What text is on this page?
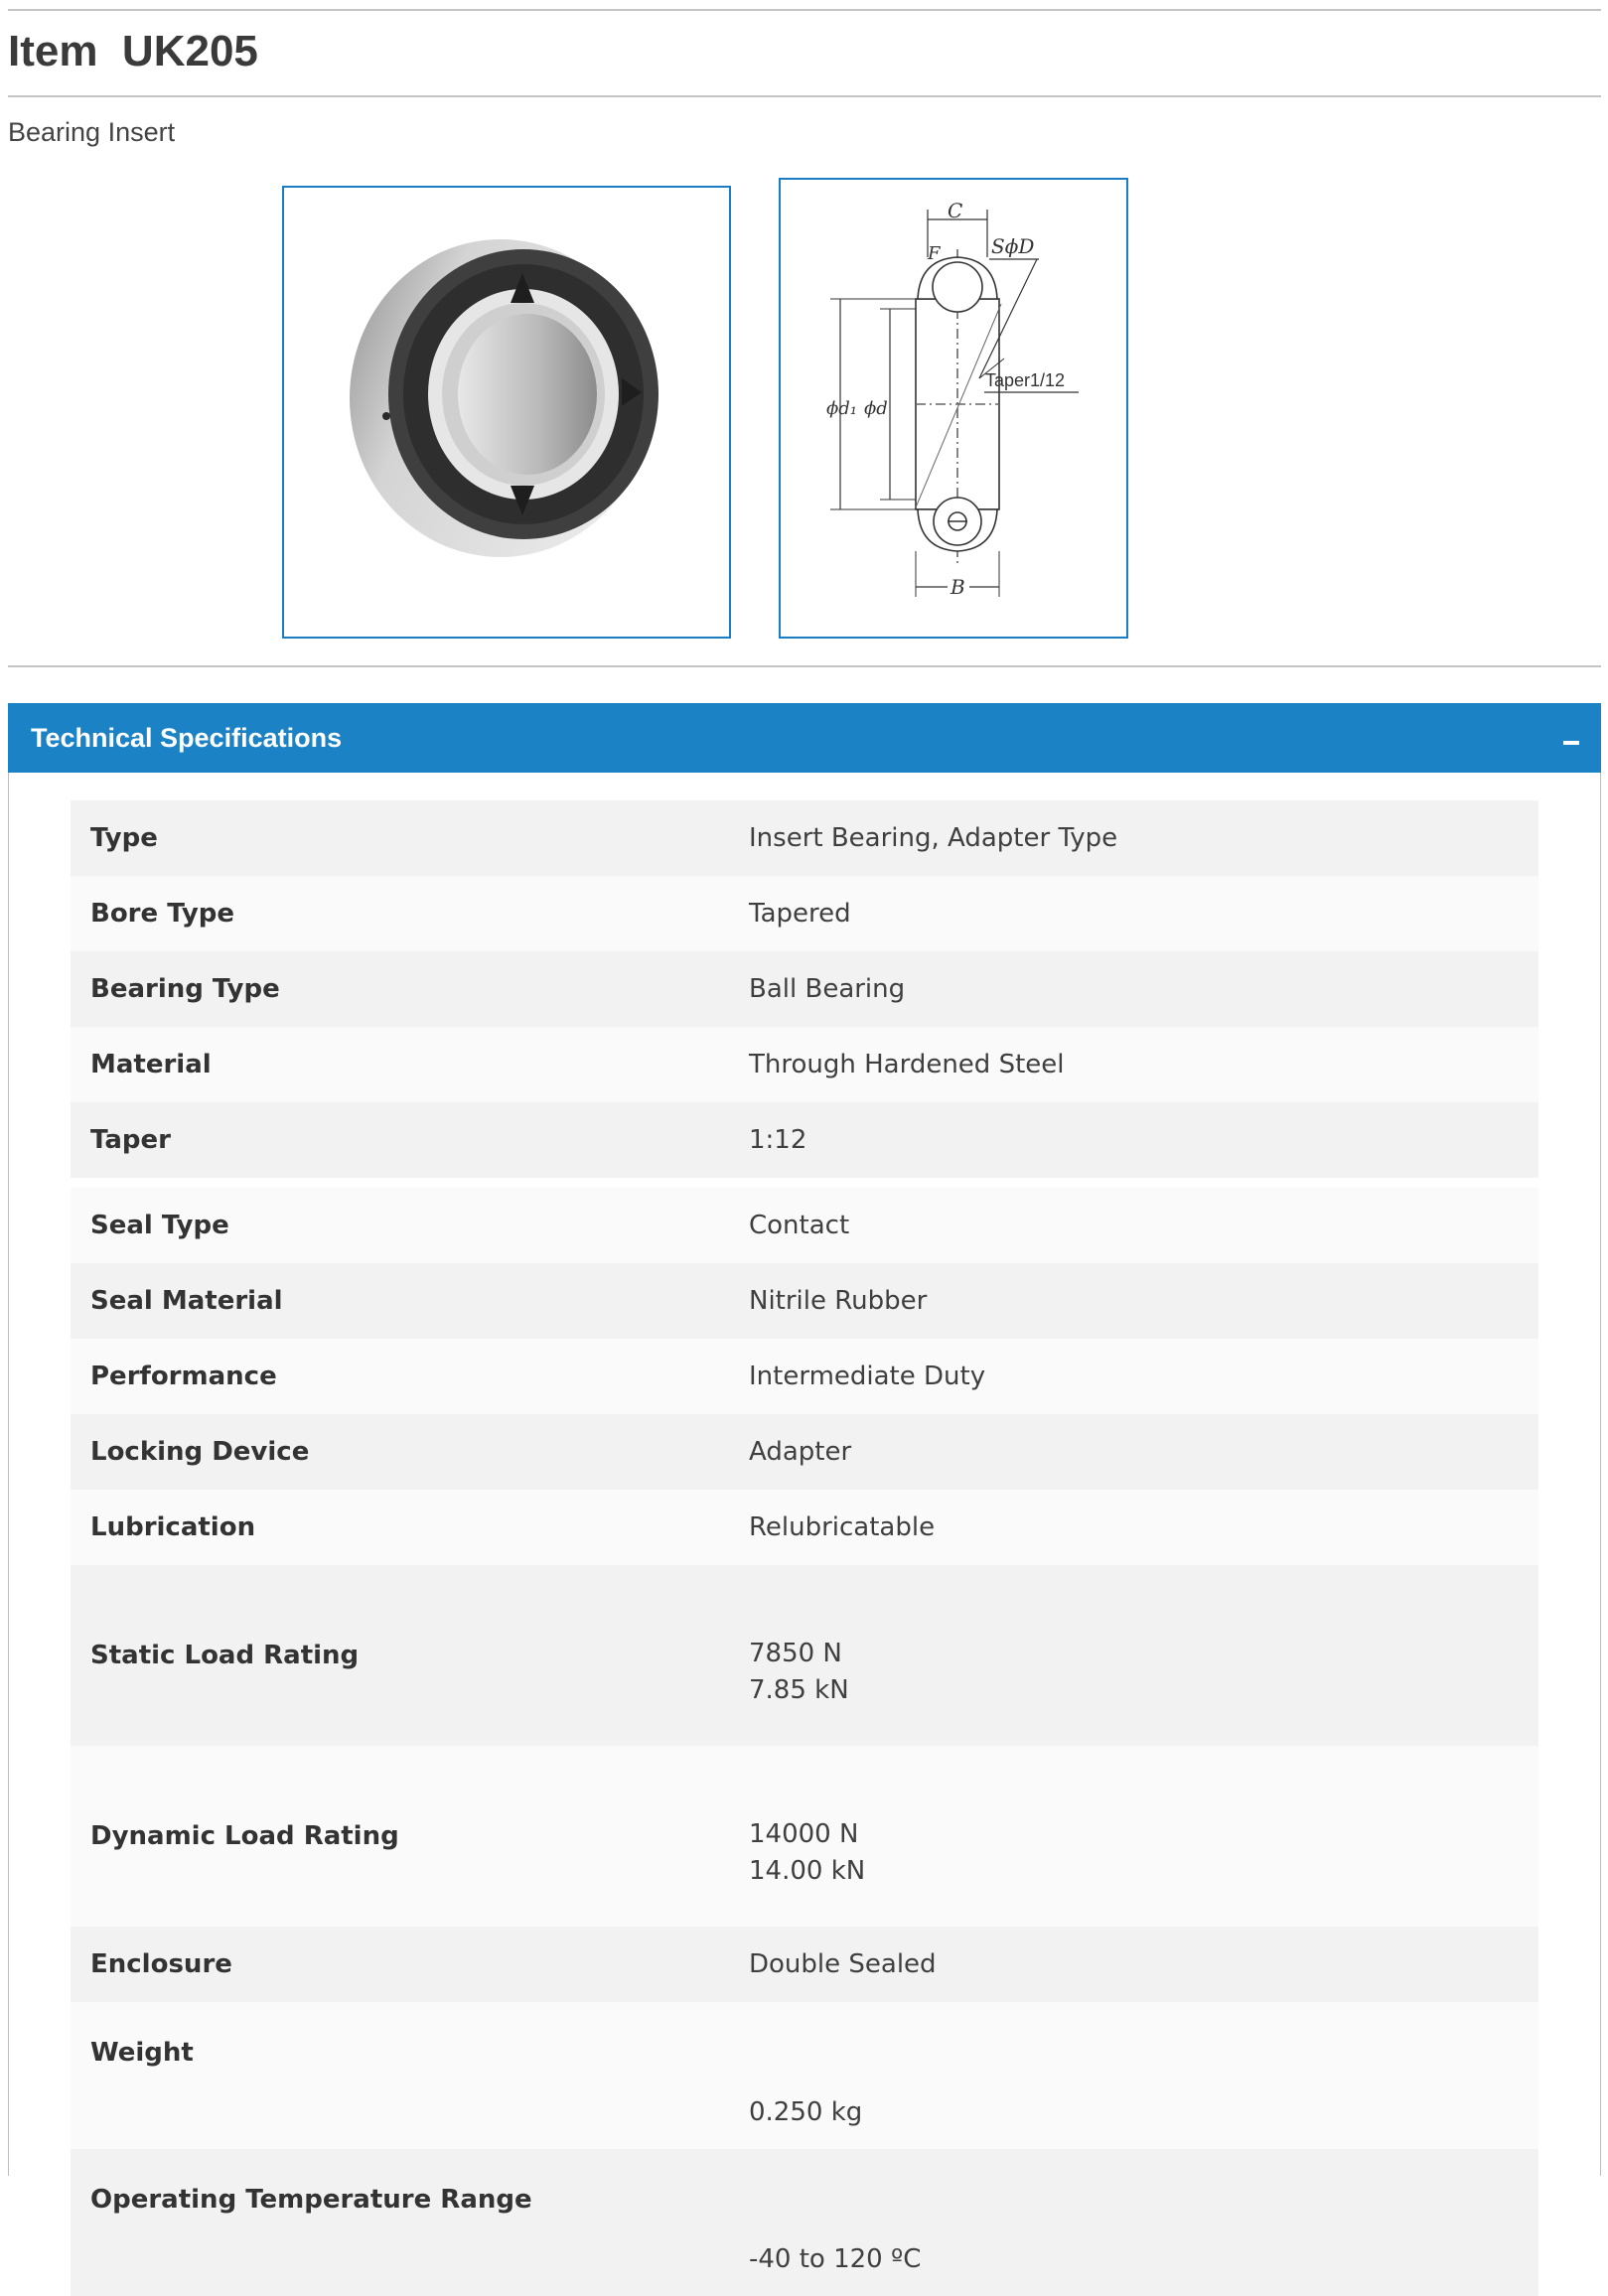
Item  UK205

Bearing Insert

C
F	SϕD
Taper1/12
ϕd₁ ϕd
B
Technical Specifications
Type	Insert Bearing, Adapter Type
Bore Type	Tapered
Bearing Type	Ball Bearing
Material	Through Hardened Steel
Taper	1:12
Seal Type	Contact
Seal Material	Nitrile Rubber
Performance	Intermediate Duty
Locking Device	Adapter
Lubrication	Relubricatable
Static Load Rating	7850 N
7.85 kN

Dynamic Load Rating	14000 N
14.00 kN

Enclosure	Double Sealed
Weight	0.250 kg
Operating Temperature Range	-40 to 120 ºC
